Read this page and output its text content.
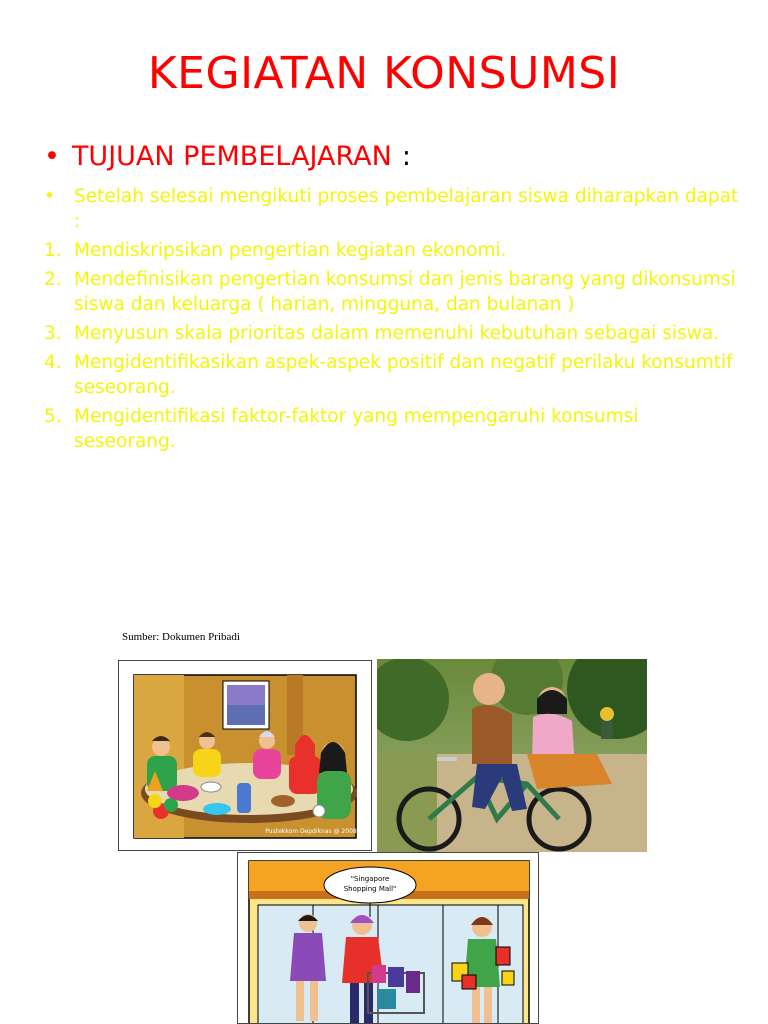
KEGIATAN KONSUMSI
• TUJUAN PEMBELAJARAN :
• Setelah selesai mengikuti proses pembelajaran siswa diharapkan dapat :
1. Mendiskripsikan pengertian kegiatan ekonomi.
2. Mendefinisikan pengertian konsumsi dan jenis barang yang dikonsumsi siswa dan keluarga ( harian, mingguna, dan bulanan )
3. Menyusun skala prioritas dalam memenuhi kebutuhan sebagai siswa.
4. Mengidentifikasikan aspek-aspek positif dan negatif perilaku konsumtif seseorang.
5. Mengidentifikasi faktor-faktor yang mempengaruhi konsumsi seseorang.
Sumber: Dokumen Pribadi
Pustekkom Depdiknas @ 2008
"Singapore
Shopping Mall"
